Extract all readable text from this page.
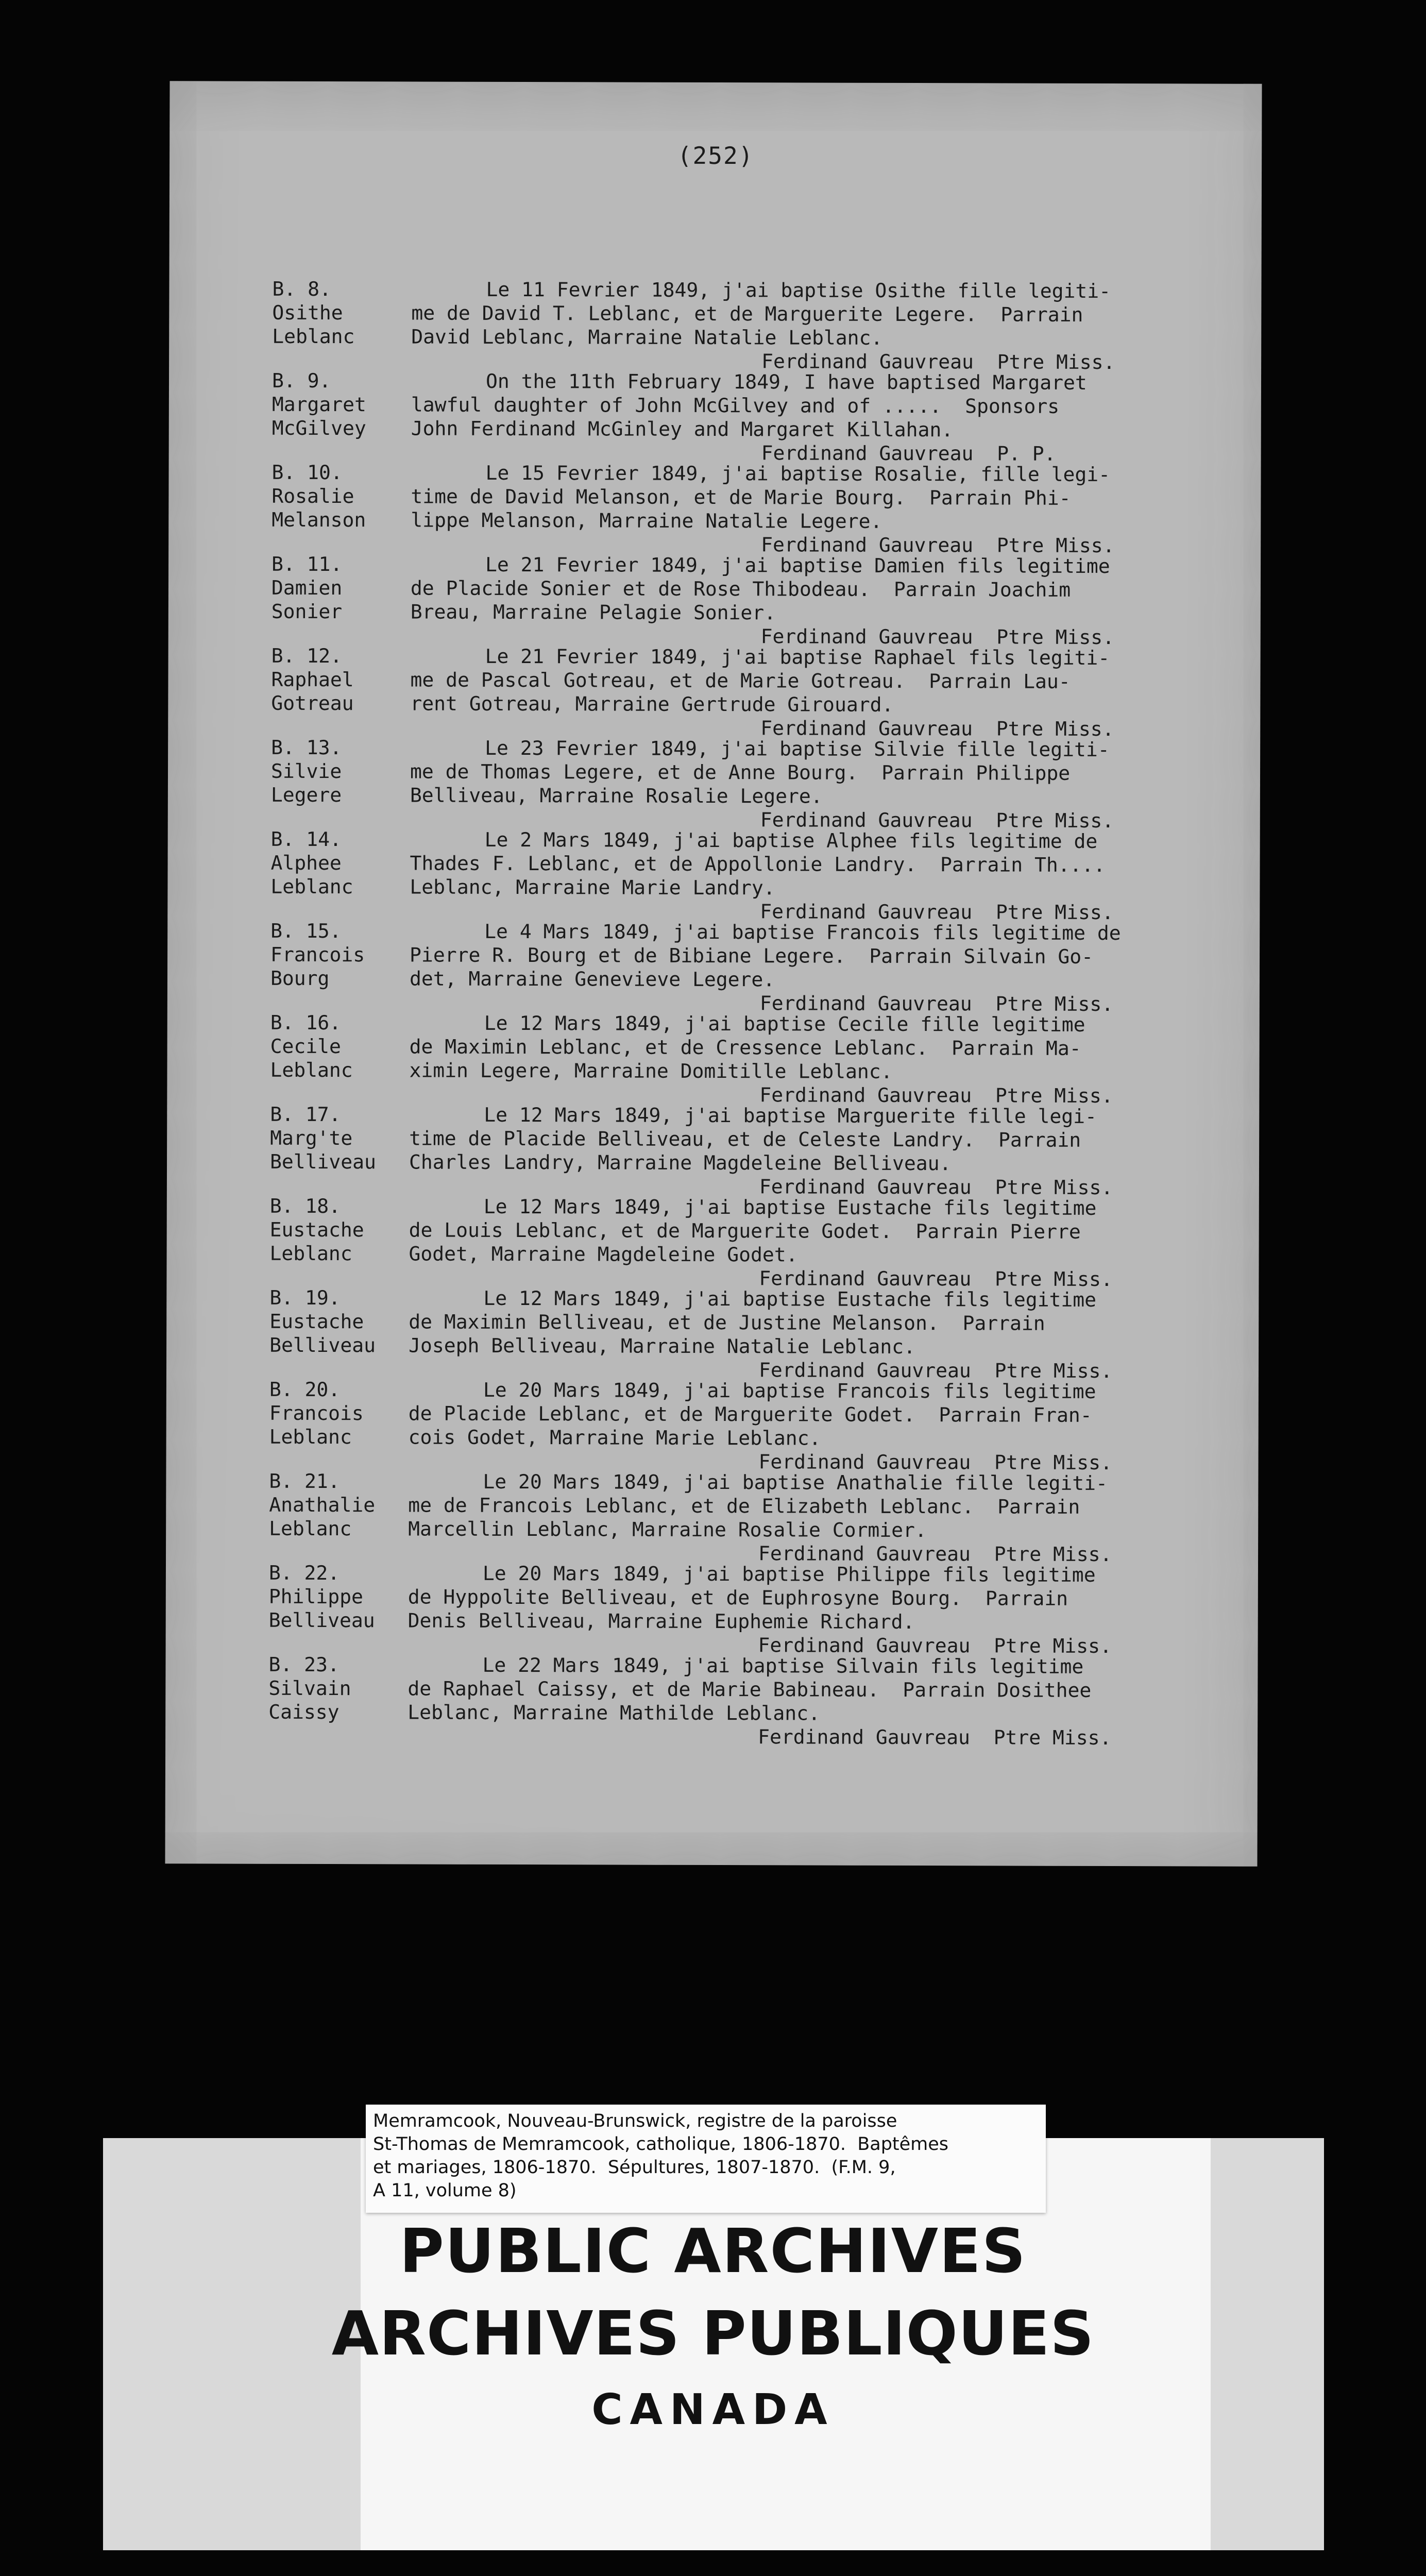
(252)
B. 8.
Osithe
Leblanc
Le 11 Fevrier 1849, j'ai baptise Osithe fille legiti-
me de David T. Leblanc, et de Marguerite Legere.  Parrain
David Leblanc, Marraine Natalie Leblanc.
Ferdinand Gauvreau  Ptre Miss.
B. 9.
Margaret
McGilvey
On the 11th February 1849, I have baptised Margaret
lawful daughter of John McGilvey and of .....  Sponsors
John Ferdinand McGinley and Margaret Killahan.
Ferdinand Gauvreau  P. P.
B. 10.
Rosalie
Melanson
Le 15 Fevrier 1849, j'ai baptise Rosalie, fille legi-
time de David Melanson, et de Marie Bourg.  Parrain Phi-
lippe Melanson, Marraine Natalie Legere.
Ferdinand Gauvreau  Ptre Miss.
B. 11.
Damien
Sonier
Le 21 Fevrier 1849, j'ai baptise Damien fils legitime
de Placide Sonier et de Rose Thibodeau.  Parrain Joachim
Breau, Marraine Pelagie Sonier.
Ferdinand Gauvreau  Ptre Miss.
B. 12.
Raphael
Gotreau
Le 21 Fevrier 1849, j'ai baptise Raphael fils legiti-
me de Pascal Gotreau, et de Marie Gotreau.  Parrain Lau-
rent Gotreau, Marraine Gertrude Girouard.
Ferdinand Gauvreau  Ptre Miss.
B. 13.
Silvie
Legere
Le 23 Fevrier 1849, j'ai baptise Silvie fille legiti-
me de Thomas Legere, et de Anne Bourg.  Parrain Philippe
Belliveau, Marraine Rosalie Legere.
Ferdinand Gauvreau  Ptre Miss.
B. 14.
Alphee
Leblanc
Le 2 Mars 1849, j'ai baptise Alphee fils legitime de
Thades F. Leblanc, et de Appollonie Landry.  Parrain Th....
Leblanc, Marraine Marie Landry.
Ferdinand Gauvreau  Ptre Miss.
B. 15.
Francois
Bourg
Le 4 Mars 1849, j'ai baptise Francois fils legitime de
Pierre R. Bourg et de Bibiane Legere.  Parrain Silvain Go-
det, Marraine Genevieve Legere.
Ferdinand Gauvreau  Ptre Miss.
B. 16.
Cecile
Leblanc
Le 12 Mars 1849, j'ai baptise Cecile fille legitime
de Maximin Leblanc, et de Cressence Leblanc.  Parrain Ma-
ximin Legere, Marraine Domitille Leblanc.
Ferdinand Gauvreau  Ptre Miss.
B. 17.
Marg'te
Belliveau
Le 12 Mars 1849, j'ai baptise Marguerite fille legi-
time de Placide Belliveau, et de Celeste Landry.  Parrain
Charles Landry, Marraine Magdeleine Belliveau.
Ferdinand Gauvreau  Ptre Miss.
B. 18.
Eustache
Leblanc
Le 12 Mars 1849, j'ai baptise Eustache fils legitime
de Louis Leblanc, et de Marguerite Godet.  Parrain Pierre
Godet, Marraine Magdeleine Godet.
Ferdinand Gauvreau  Ptre Miss.
B. 19.
Eustache
Belliveau
Le 12 Mars 1849, j'ai baptise Eustache fils legitime
de Maximin Belliveau, et de Justine Melanson.  Parrain
Joseph Belliveau, Marraine Natalie Leblanc.
Ferdinand Gauvreau  Ptre Miss.
B. 20.
Francois
Leblanc
Le 20 Mars 1849, j'ai baptise Francois fils legitime
de Placide Leblanc, et de Marguerite Godet.  Parrain Fran-
cois Godet, Marraine Marie Leblanc.
Ferdinand Gauvreau  Ptre Miss.
B. 21.
Anathalie
Leblanc
Le 20 Mars 1849, j'ai baptise Anathalie fille legiti-
me de Francois Leblanc, et de Elizabeth Leblanc.  Parrain
Marcellin Leblanc, Marraine Rosalie Cormier.
Ferdinand Gauvreau  Ptre Miss.
B. 22.
Philippe
Belliveau
Le 20 Mars 1849, j'ai baptise Philippe fils legitime
de Hyppolite Belliveau, et de Euphrosyne Bourg.  Parrain
Denis Belliveau, Marraine Euphemie Richard.
Ferdinand Gauvreau  Ptre Miss.
B. 23.
Silvain
Caissy
Le 22 Mars 1849, j'ai baptise Silvain fils legitime
de Raphael Caissy, et de Marie Babineau.  Parrain Dosithee
Leblanc, Marraine Mathilde Leblanc.
Ferdinand Gauvreau  Ptre Miss.
Memramcook, Nouveau-Brunswick, registre de la paroisse
St-Thomas de Memramcook, catholique, 1806-1870.  Baptêmes
et mariages, 1806-1870.  Sépultures, 1807-1870.  (F.M. 9,
A 11, volume 8)
PUBLIC ARCHIVES
ARCHIVES PUBLIQUES
CANADA
